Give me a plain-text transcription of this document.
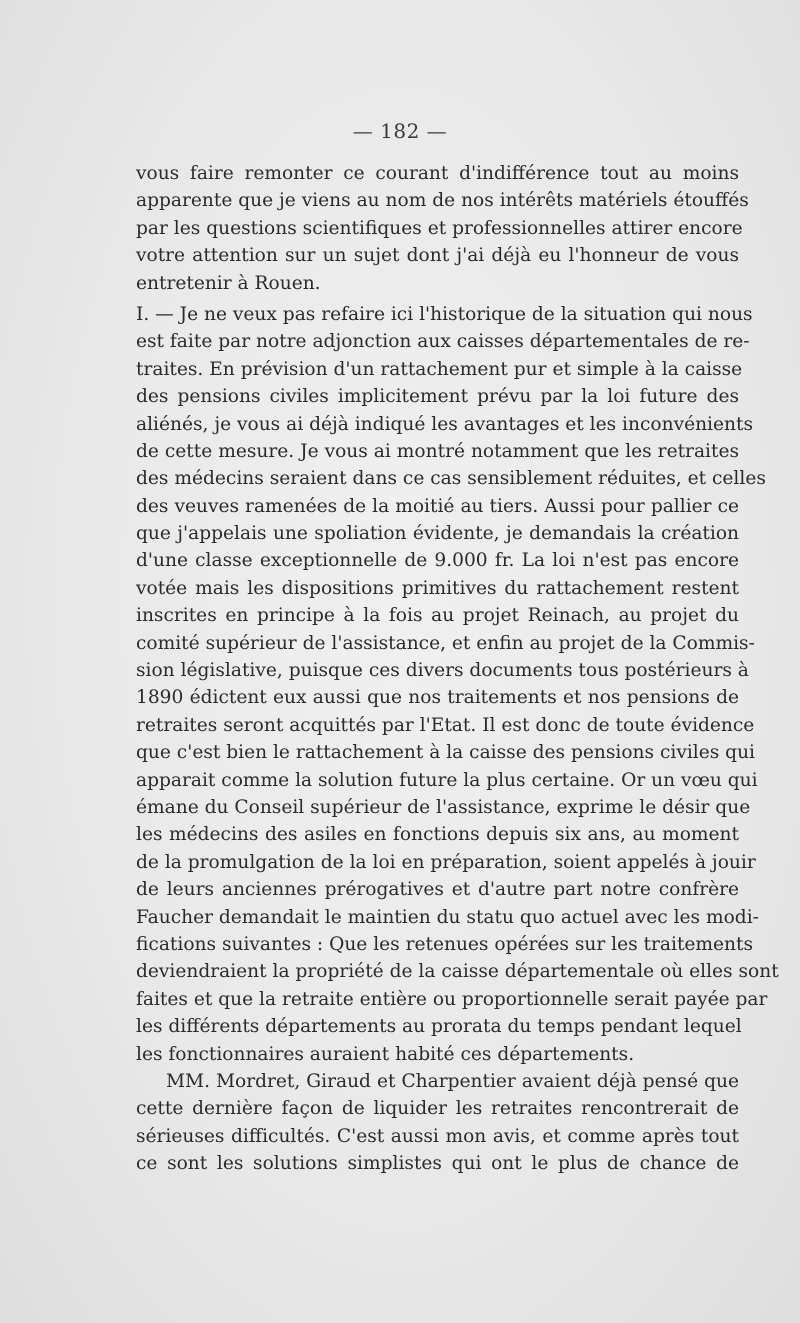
— 182 —
vous faire remonter ce courant d'indifférence tout au moins
apparente que je viens au nom de nos intérêts matériels étouffés
par les questions scientifiques et professionnelles attirer encore
votre attention sur un sujet dont j'ai déjà eu l'honneur de vous
entretenir à Rouen.
I. — Je ne veux pas refaire ici l'historique de la situation qui nous
est faite par notre adjonction aux caisses départementales de re-
traites. En prévision d'un rattachement pur et simple à la caisse
des pensions civiles implicitement prévu par la loi future des
aliénés, je vous ai déjà indiqué les avantages et les inconvénients
de cette mesure. Je vous ai montré notamment que les retraites
des médecins seraient dans ce cas sensiblement réduites, et celles
des veuves ramenées de la moitié au tiers. Aussi pour pallier ce
que j'appelais une spoliation évidente, je demandais la création
d'une classe exceptionnelle de 9.000 fr. La loi n'est pas encore
votée mais les dispositions primitives du rattachement restent
inscrites en principe à la fois au projet Reinach, au projet du
comité supérieur de l'assistance, et enfin au projet de la Commis-
sion législative, puisque ces divers documents tous postérieurs à
1890 édictent eux aussi que nos traitements et nos pensions de
retraites seront acquittés par l'Etat. Il est donc de toute évidence
que c'est bien le rattachement à la caisse des pensions civiles qui
apparait comme la solution future la plus certaine. Or un vœu qui
émane du Conseil supérieur de l'assistance, exprime le désir que
les médecins des asiles en fonctions depuis six ans, au moment
de la promulgation de la loi en préparation, soient appelés à jouir
de leurs anciennes prérogatives et d'autre part notre confrère
Faucher demandait le maintien du statu quo actuel avec les modi-
fications suivantes : Que les retenues opérées sur les traitements
deviendraient la propriété de la caisse départementale où elles sont
faites et que la retraite entière ou proportionnelle serait payée par
les différents départements au prorata du temps pendant lequel
les fonctionnaires auraient habité ces départements.
MM. Mordret, Giraud et Charpentier avaient déjà pensé que
cette dernière façon de liquider les retraites rencontrerait de
sérieuses difficultés. C'est aussi mon avis, et comme après tout
ce sont les solutions simplistes qui ont le plus de chance de
